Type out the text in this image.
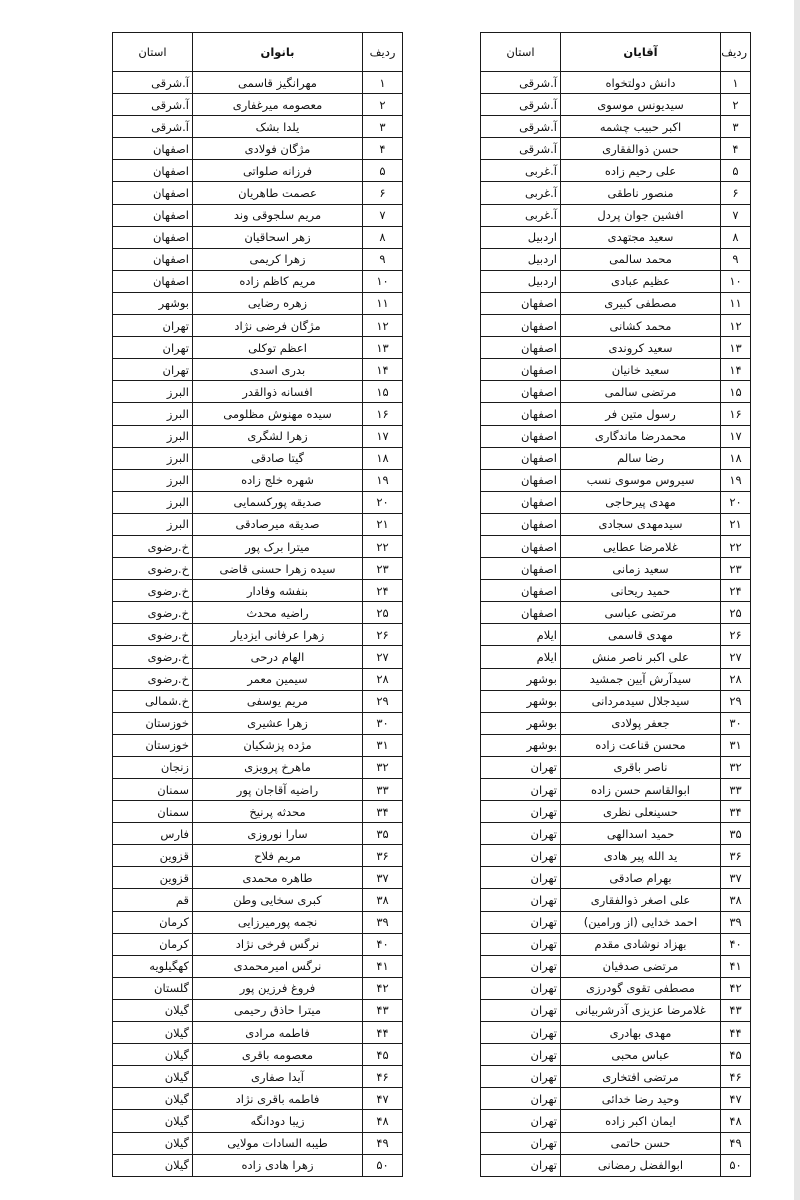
ردیف	آقایان	استان
۱	دانش دولتخواه	آ.شرقی
۲	سیدیونس موسوی	آ.شرقی
۳	اکبر حبیب چشمه	آ.شرقی
۴	حسن ذوالفقاری	آ.شرقی
۵	علی رحیم زاده	آ.غربی
۶	منصور ناطقی	آ.غربی
۷	افشین جوان پردل	آ.غربی
۸	سعید مجتهدی	اردبیل
۹	محمد سالمی	اردبیل
۱۰	عظیم عبادی	اردبیل
۱۱	مصطفی کبیری	اصفهان
۱۲	محمد کشانی	اصفهان
۱۳	سعید کروندی	اصفهان
۱۴	سعید خانیان	اصفهان
۱۵	مرتضی سالمی	اصفهان
۱۶	رسول متین فر	اصفهان
۱۷	محمدرضا ماندگاری	اصفهان
۱۸	رضا سالم	اصفهان
۱۹	سیروس موسوی نسب	اصفهان
۲۰	مهدی پیرحاجی	اصفهان
۲۱	سیدمهدی سجادی	اصفهان
۲۲	غلامرضا عطایی	اصفهان
۲۳	سعید زمانی	اصفهان
۲۴	حمید ریحانی	اصفهان
۲۵	مرتضی عباسی	اصفهان
۲۶	مهدی قاسمی	ایلام
۲۷	علی اکبر ناصر منش	ایلام
۲۸	سیدآرش آیین جمشید	بوشهر
۲۹	سیدجلال سیدمردانی	بوشهر
۳۰	جعفر پولادی	بوشهر
۳۱	محسن قناعت زاده	بوشهر
۳۲	ناصر باقری	تهران
۳۳	ابوالقاسم حسن زاده	تهران
۳۴	حسینعلی نظری	تهران
۳۵	حمید اسدالهی	تهران
۳۶	ید الله پیر هادی	تهران
۳۷	بهرام صادقی	تهران
۳۸	علی اصغر ذوالفقاری	تهران
۳۹	احمد خدایی (از ورامین)	تهران
۴۰	بهزاد نوشادی مقدم	تهران
۴۱	مرتضی صدفیان	تهران
۴۲	مصطفی تقوی گودرزی	تهران
۴۳	غلامرضا عزیزی آذرشربیانی	تهران
۴۴	مهدی بهادری	تهران
۴۵	عباس محبی	تهران
۴۶	مرتضی افتخاری	تهران
۴۷	وحید رضا خدائی	تهران
۴۸	ایمان اکبر زاده	تهران
۴۹	حسن حاتمی	تهران
۵۰	ابوالفضل رمضانی	تهران
ردیف	بانوان	استان
۱	مهرانگیز قاسمی	آ.شرقی
۲	معصومه میرغفاری	آ.شرقی
۳	یلدا بشک	آ.شرقی
۴	مژگان فولادی	اصفهان
۵	فرزانه صلواتی	اصفهان
۶	عصمت طاهریان	اصفهان
۷	مریم سلجوقی وند	اصفهان
۸	زهر اسحاقیان	اصفهان
۹	زهرا کریمی	اصفهان
۱۰	مریم کاظم زاده	اصفهان
۱۱	زهره رضایی	بوشهر
۱۲	مژگان فرضی نژاد	تهران
۱۳	اعظم توکلی	تهران
۱۴	بدری اسدی	تهران
۱۵	افسانه ذوالقدر	البرز
۱۶	سیده مهنوش مظلومی	البرز
۱۷	زهرا لشگری	البرز
۱۸	گیتا صادقی	البرز
۱۹	شهره خلج زاده	البرز
۲۰	صدیقه پورکسمایی	البرز
۲۱	صدیقه میرصادقی	البرز
۲۲	میترا برک پور	خ.رضوی
۲۳	سیده زهرا حسنی قاضی	خ.رضوی
۲۴	بنفشه وفادار	خ.رضوی
۲۵	راضیه محدث	خ.رضوی
۲۶	زهرا عرفانی ایزدیار	خ.رضوی
۲۷	الهام درحی	خ.رضوی
۲۸	سیمین معمر	خ.رضوی
۲۹	مریم یوسفی	خ.شمالی
۳۰	زهرا عشیری	خوزستان
۳۱	مژده پزشکیان	خوزستان
۳۲	ماهرخ پرویزی	زنجان
۳۳	راضیه آقاجان پور	سمنان
۳۴	محدثه پرنیخ	سمنان
۳۵	سارا نوروزی	فارس
۳۶	مریم فلاح	قزوین
۳۷	طاهره محمدی	قزوین
۳۸	کبری سخایی وطن	قم
۳۹	نجمه پورمیرزایی	کرمان
۴۰	نرگس فرخی نژاد	کرمان
۴۱	نرگس امیرمحمدی	کهگیلویه
۴۲	فروغ فرزین پور	گلستان
۴۳	میترا حاذق رحیمی	گیلان
۴۴	فاطمه مرادی	گیلان
۴۵	معصومه باقری	گیلان
۴۶	آیدا صفاری	گیلان
۴۷	فاطمه باقری نژاد	گیلان
۴۸	زیبا دودانگه	گیلان
۴۹	طیبه السادات مولایی	گیلان
۵۰	زهرا هادی زاده	گیلان
